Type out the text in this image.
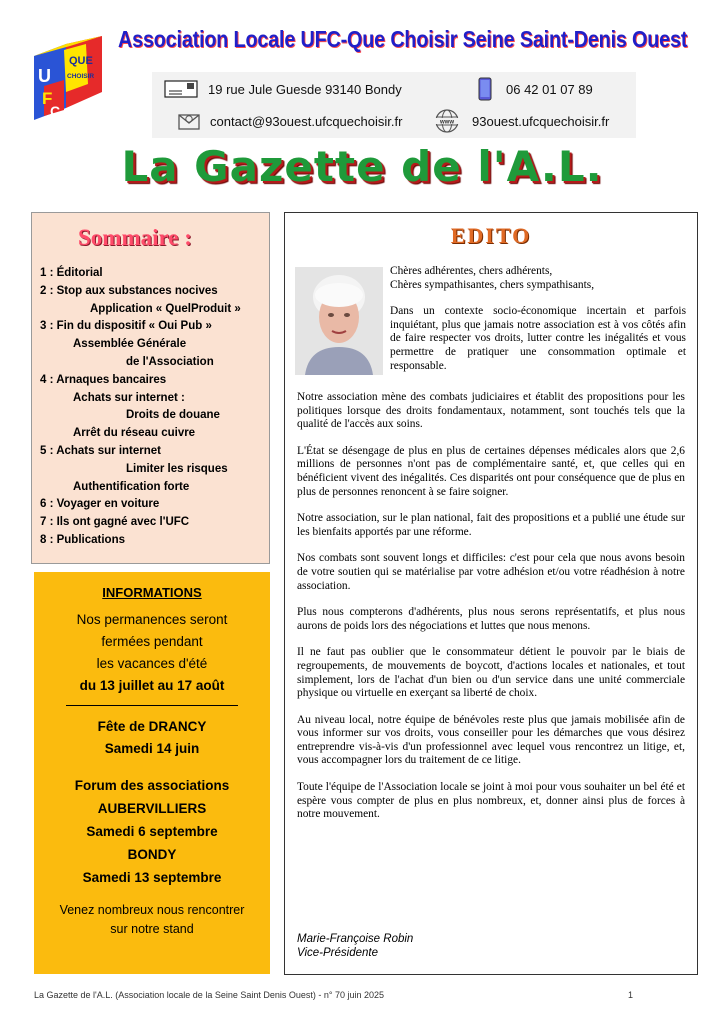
U
F
C
QUE
CHOISIR
Association Locale UFC-Que Choisir Seine Saint-Denis Ouest
19 rue Jule Guesde 93140 Bondy	06 42 01 07 89
contact@93ouest.ufcquechoisir.fr	www 93ouest.ufcquechoisir.fr
La Gazette de l'A.L.
Sommaire :
1 : Éditorial
2 : Stop aux substances nocives
Application « QuelProduit »
3 : Fin du dispositif « Oui Pub »
Assemblée Générale
de l'Association
4 : Arnaques bancaires
Achats sur internet :
Droits de douane
Arrêt du réseau cuivre
5 : Achats sur internet
Limiter les risques
Authentification forte
6 : Voyager en voiture
7 : Ils ont gagné avec l'UFC
8 : Publications

INFORMATIONS

Nos permanences seront

fermées pendant

les vacances d'été

du 13 juillet au 17 août

Fête de DRANCY

Samedi 14 juin

Forum des associations

AUBERVILLIERS

Samedi 6 septembre

BONDY

Samedi 13 septembre

Venez nombreux nous rencontrer

sur notre stand

EDITO

Chères adhérentes, chers adhérents,
Chères sympathisantes, chers sympathisants,

Dans un contexte socio-économique incertain et parfois inquiétant, plus que jamais notre association est à vos côtés afin de faire respecter vos droits, lutter contre les inégalités et vous permettre de pratiquer une consommation optimale et responsable.

Notre association mène des combats judiciaires et établit des propositions pour les politiques lorsque des droits fondamentaux, notamment, sont touchés tels que la qualité de l'accès aux soins.

L'État se désengage de plus en plus de certaines dépenses médicales alors que 2,6 millions de personnes n'ont pas de complémentaire santé, et, que celles qui en bénéficient vivent des inégalités. Ces disparités ont pour conséquence que de plus en plus de personnes renoncent à se faire soigner.

Notre association, sur le plan national, fait des propositions et a publié une étude sur les bienfaits apportés par une réforme.

Nos combats sont souvent longs et difficiles: c'est pour cela que nous avons besoin de votre soutien qui se matérialise par votre adhésion et/ou votre réadhésion à notre association.

Plus nous compterons d'adhérents, plus nous serons représentatifs, et plus nous aurons de poids lors des négociations et luttes que nous menons.

Il ne faut pas oublier que le consommateur détient le pouvoir par le biais de regroupements, de mouvements de boycott, d'actions locales et nationales, et tout simplement, lors de l'achat d'un bien ou d'un service dans une unité commerciale physique ou virtuelle en exerçant sa liberté de choix.

Au niveau local, notre équipe de bénévoles reste plus que jamais mobilisée afin de vous informer sur vos droits, vous conseiller pour les démarches que vous désirez entreprendre vis-à-vis d'un professionnel avec lequel vous rencontrez un litige, et, vous accompagner lors du traitement de ce litige.

Toute l'équipe de l'Association locale se joint à moi pour vous souhaiter un bel été et espère vous compter de plus en plus nombreux, et, donner ainsi plus de forces à notre mouvement.

Marie-Françoise Robin
Vice-Présidente
La Gazette de l'A.L. (Association locale de la Seine Saint Denis Ouest) - n° 70 juin 2025	1
